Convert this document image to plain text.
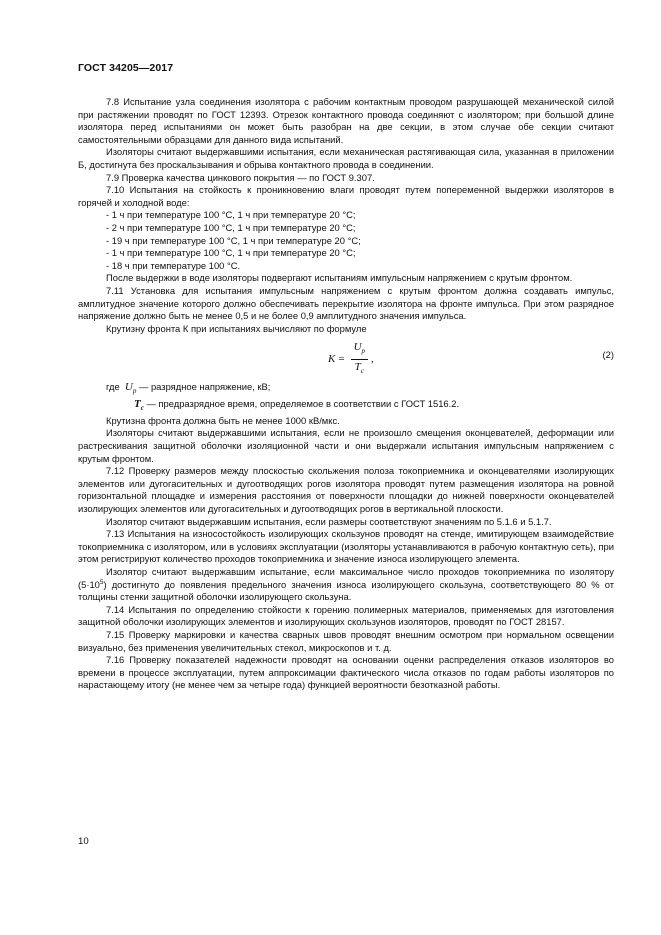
ГОСТ 34205—2017

7.8 Испытание узла соединения изолятора с рабочим контактным проводом разрушающей механической силой при растяжении проводят по ГОСТ 12393. Отрезок контактного провода соединяют с изолятором; при большой длине изолятора перед испытаниями он может быть разобран на две секции, в этом случае обе секции считают самостоятельными образцами для данного вида испытаний.

Изоляторы считают выдержавшими испытания, если механическая растягивающая сила, указанная в приложении Б, достигнута без проскальзывания и обрыва контактного провода в соединении.

7.9 Проверка качества цинкового покрытия — по ГОСТ 9.307.

7.10 Испытания на стойкость к проникновению влаги проводят путем попеременной выдержки изоляторов в горячей и холодной воде:

- 1 ч при температуре 100 °С, 1 ч при температуре 20 °С;
- 2 ч при температуре 100 °С, 1 ч при температуре 20 °С;
- 19 ч при температуре 100 °С, 1 ч при температуре 20 °С;
- 1 ч при температуре 100 °С, 1 ч при температуре 20 °С;
- 18 ч при температуре 100 °С.

После выдержки в воде изоляторы подвергают испытаниям импульсным напряжением с крутым фронтом.

7.11 Установка для испытания импульсным напряжением с крутым фронтом должна создавать импульс, амплитудное значение которого должно обеспечивать перекрытие изолятора на фронте импульса. При этом разрядное напряжение должно быть не менее 0,5 и не более 0,9 амплитудного значения импульса.

Крутизну фронта К при испытаниях вычисляют по формуле

$K = \frac{U_p}{T_c}$ ,	(2)

где $U_p$ — разрядное напряжение, кВ;

$T_c$ — предразрядное время, определяемое в соответствии с ГОСТ 1516.2.

Крутизна фронта должна быть не менее 1000 кВ/мкс.

Изоляторы считают выдержавшими испытания, если не произошло смещения оконцевателей, деформации или растрескивания защитной оболочки изоляционной части и они выдержали испытания импульсным напряжением с крутым фронтом.

7.12 Проверку размеров между плоскостью скольжения полоза токоприемника и оконцевателями изолирующих элементов или дугогасительных и дугоотводящих рогов изолятора проводят путем размещения изолятора на ровной горизонтальной площадке и измерения расстояния от поверхности площадки до нижней поверхности оконцевателей изолирующих элементов или дугогасительных и дугоотводящих рогов в вертикальной плоскости.

Изолятор считают выдержавшим испытания, если размеры соответствуют значениям по 5.1.6 и 5.1.7.

7.13 Испытания на износостойкость изолирующих скользунов проводят на стенде, имитирующем взаимодействие токоприемника с изолятором, или в условиях эксплуатации (изоляторы устанавливаются в рабочую контактную сеть), при этом регистрируют количество проходов токоприемника и значение износа изолирующего элемента.

Изолятор считают выдержавшим испытание, если максимальное число проходов токоприемника по изолятору $(5\cdot 10^5)$ достигнуто до появления предельного значения износа изолирующего скользуна, соответствующего 80 % от толщины стенки защитной оболочки изолирующего скользуна.

7.14 Испытания по определению стойкости к горению полимерных материалов, применяемых для изготовления защитной оболочки изолирующих элементов и изолирующих скользунов изоляторов, проводят по ГОСТ 28157.

7.15 Проверку маркировки и качества сварных швов проводят внешним осмотром при нормальном освещении визуально, без применения увеличительных стекол, микроскопов и т. д.

7.16 Проверку показателей надежности проводят на основании оценки распределения отказов изоляторов во времени в процессе эксплуатации, путем аппроксимации фактического числа отказов по годам работы изоляторов по нарастающему итогу (не менее чем за четыре года) функцией вероятности безотказной работы.

10
